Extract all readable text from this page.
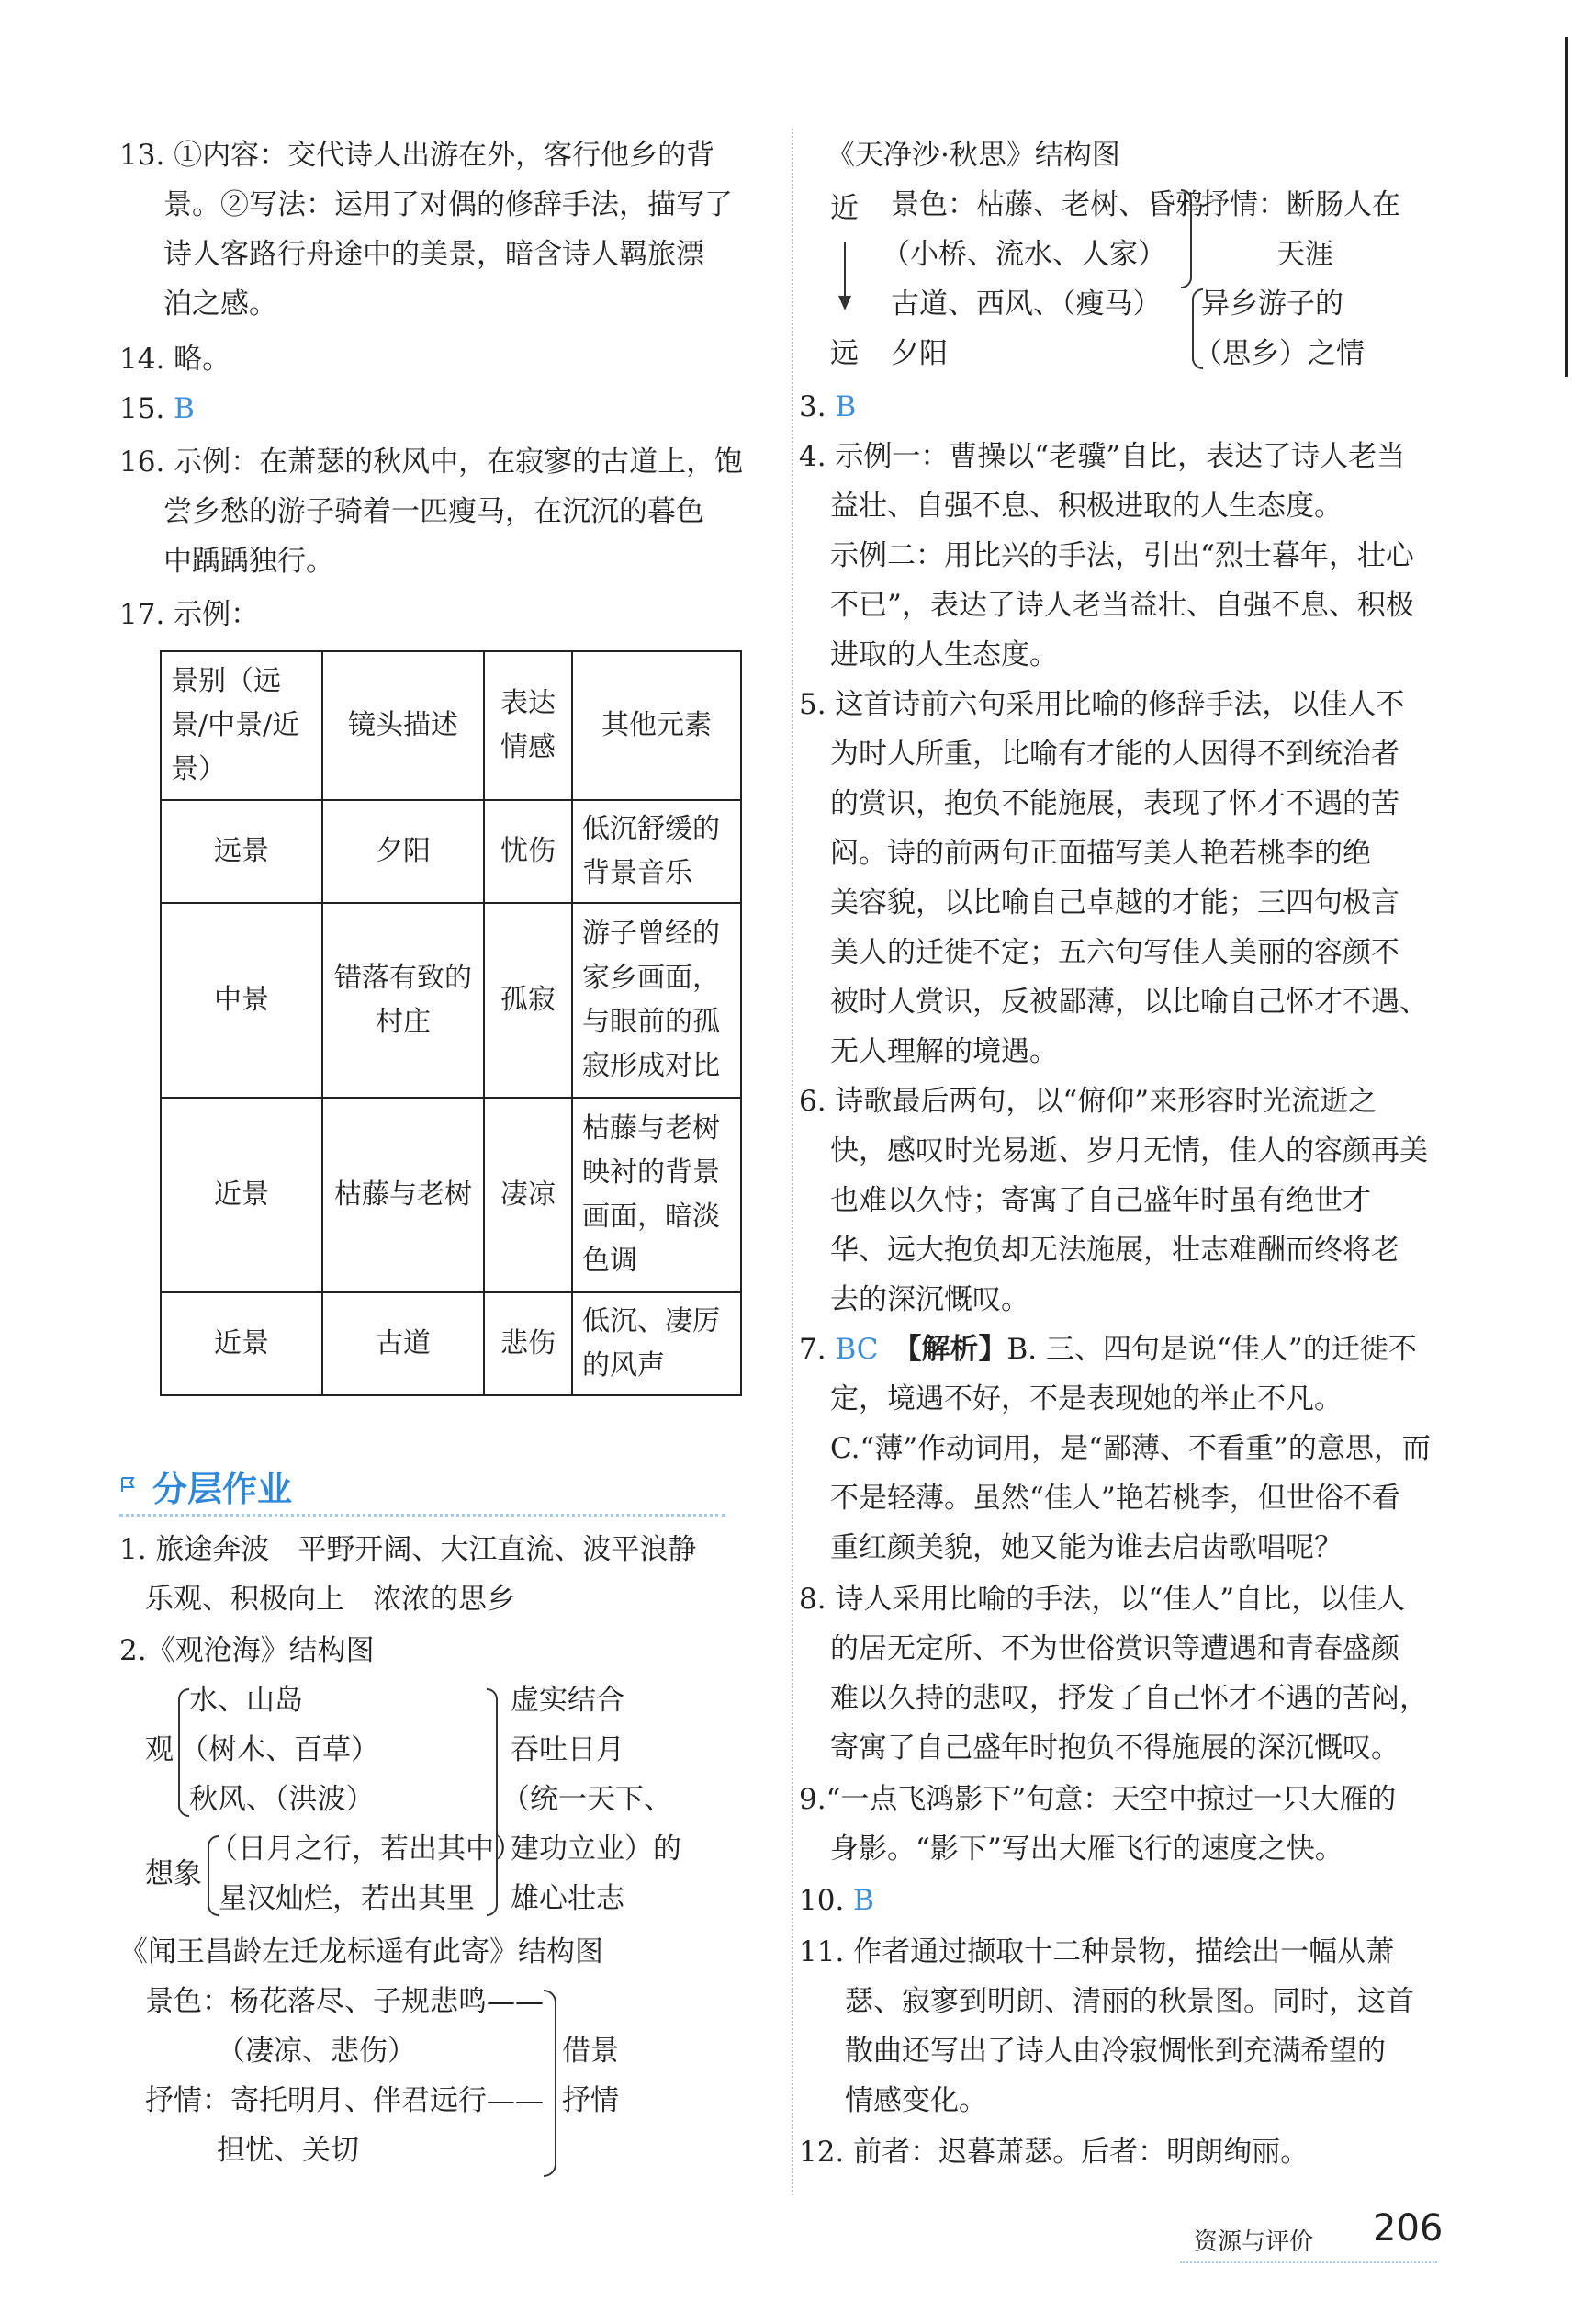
13. ①内容：交代诗人出游在外，客行他乡的背
景。②写法：运用了对偶的修辞手法，描写了
诗人客路行舟途中的美景，暗含诗人羁旅漂
泊之感。
14. 略。
15. B
16. 示例：在萧瑟的秋风中，在寂寥的古道上，饱
尝乡愁的游子骑着一匹瘦马，在沉沉的暮色
中踽踽独行。
17. 示例：
景别（远景/中景/近景）	镜头描述	表达情感	其他元素
远景	夕阳	忧伤	低沉舒缓的背景音乐
中景	错落有致的村庄	孤寂	游子曾经的家乡画面，与眼前的孤寂形成对比
近景	枯藤与老树	凄凉	枯藤与老树映衬的背景画面，暗淡色调
近景	古道	悲伤	低沉、凄厉的风声
分层作业
1. 旅途奔波　平野开阔、大江直流、波平浪静
乐观、积极向上　浓浓的思乡
2.《观沧海》结构图
观
水、山岛
（树木、百草）
秋风、（洪波）
想象
（日月之行，若出其中）
星汉灿烂，若出其里
虚实结合
吞吐日月
（统一天下、
建功立业）的
雄心壮志
《闻王昌龄左迁龙标遥有此寄》结构图
景色：杨花落尽、子规悲鸣——
（凄凉、悲伤）
抒情：寄托明月、伴君远行——
担忧、关切
借景
抒情
《天净沙·秋思》结构图
近
远
景色：枯藤、老树、昏鸦
（小桥、流水、人家）
古道、西风、（瘦马）
夕阳
抒情：断肠人在
天涯
异乡游子的
（思乡）之情
3. B
4. 示例一：曹操以“老骥”自比，表达了诗人老当
益壮、自强不息、积极进取的人生态度。
示例二：用比兴的手法，引出“烈士暮年，壮心
不已”，表达了诗人老当益壮、自强不息、积极
进取的人生态度。
5. 这首诗前六句采用比喻的修辞手法，以佳人不
为时人所重，比喻有才能的人因得不到统治者
的赏识，抱负不能施展，表现了怀才不遇的苦
闷。诗的前两句正面描写美人艳若桃李的绝
美容貌，以比喻自己卓越的才能；三四句极言
美人的迁徙不定；五六句写佳人美丽的容颜不
被时人赏识，反被鄙薄，以比喻自己怀才不遇、
无人理解的境遇。
6. 诗歌最后两句，以“俯仰”来形容时光流逝之
快，感叹时光易逝、岁月无情，佳人的容颜再美
也难以久恃；寄寓了自己盛年时虽有绝世才
华、远大抱负却无法施展，壮志难酬而终将老
去的深沉慨叹。
7. BC 【解析】B. 三、四句是说“佳人”的迁徙不
定，境遇不好，不是表现她的举止不凡。
C.“薄”作动词用，是“鄙薄、不看重”的意思，而
不是轻薄。虽然“佳人”艳若桃李，但世俗不看
重红颜美貌，她又能为谁去启齿歌唱呢？
8. 诗人采用比喻的手法，以“佳人”自比，以佳人
的居无定所、不为世俗赏识等遭遇和青春盛颜
难以久持的悲叹，抒发了自己怀才不遇的苦闷，
寄寓了自己盛年时抱负不得施展的深沉慨叹。
9.“一点飞鸿影下”句意：天空中掠过一只大雁的
身影。“影下”写出大雁飞行的速度之快。
10. B
11. 作者通过撷取十二种景物，描绘出一幅从萧
瑟、寂寥到明朗、清丽的秋景图。同时，这首
散曲还写出了诗人由冷寂惆怅到充满希望的
情感变化。
12. 前者：迟暮萧瑟。后者：明朗绚丽。
资源与评价 206
